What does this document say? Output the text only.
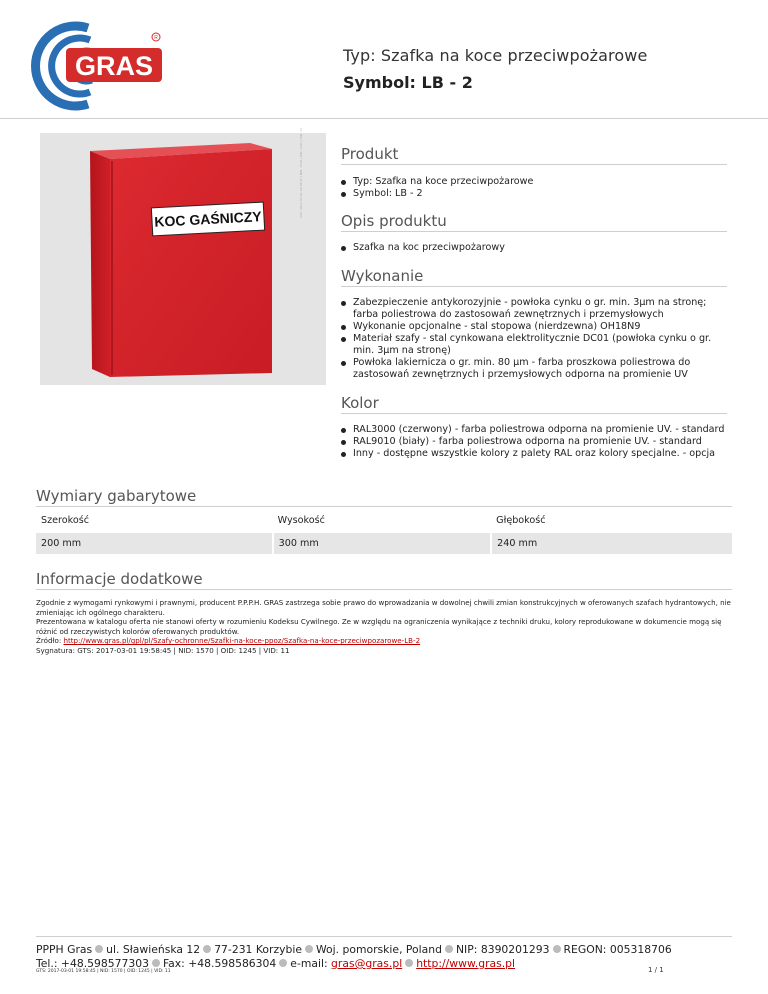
GRAS
R
Typ: Szafka na koce przeciwpożarowe
Symbol: LB - 2
KOC GAŚNICZY
GTS: 2017-03-01 19:58:45 | NID: 1570 | OID: 1245 | VID: 11	Produkt
Typ: Szafka na koce przeciwpożarowe
Symbol: LB - 2
Opis produktu
Szafka na koc przeciwpożarowy
Wykonanie
Zabezpieczenie antykorozyjnie - powłoka cynku o gr. min. 3µm na stronę; farba poliestrowa do zastosowań zewnętrznych i przemysłowych
Wykonanie opcjonalne - stal stopowa (nierdzewna) OH18N9
Materiał szafy - stal cynkowana elektrolitycznie DC01 (powłoka cynku o gr. min. 3µm na stronę)
Powłoka lakiernicza o gr. min. 80 µm - farba proszkowa poliestrowa do zastosowań zewnętrznych i przemysłowych odporna na promienie UV
Kolor
RAL3000 (czerwony) - farba poliestrowa odporna na promienie UV. - standard
RAL9010 (biały) - farba poliestrowa odporna na promienie UV. - standard
Inny - dostępne wszystkie kolory z palety RAL oraz kolory specjalne. - opcja
Wymiary gabarytowe
Szerokość	Wysokość	Głębokość
200 mm	300 mm	240 mm
Informacje dodatkowe
Zgodnie z wymogami rynkowymi i prawnymi, producent P.P.P.H. GRAS zastrzega sobie prawo do wprowadzania w dowolnej chwili zmian konstrukcyjnych w oferowanych szafach hydrantowych, nie zmieniając ich ogólnego charakteru.
Prezentowana w katalogu oferta nie stanowi oferty w rozumieniu Kodeksu Cywilnego. Ze w względu na ograniczenia wynikające z techniki druku, kolory reprodukowane w dokumencie mogą się różnić od rzeczywistych kolorów oferowanych produktów.
Źródło: http://www.gras.pl/gpl/pl/Szafy-ochronne/Szafki-na-koce-ppoz/Szafka-na-koce-przeciwpozarowe-LB-2
Sygnatura: GTS: 2017-03-01 19:58:45 | NID: 1570 | OID: 1245 | VID: 11
PPPH Gras ul. Sławieńska 12 77-231 Korzybie Woj. pomorskie, Poland NIP: 8390201293 REGON: 005318706
Tel.: +48.598577303 Fax: +48.598586304 e-mail: gras@gras.pl http://www.gras.pl
GTS: 2017-03-01 19:58:45 | NID: 1570 | OID: 1245 | VID: 11	1 / 1
